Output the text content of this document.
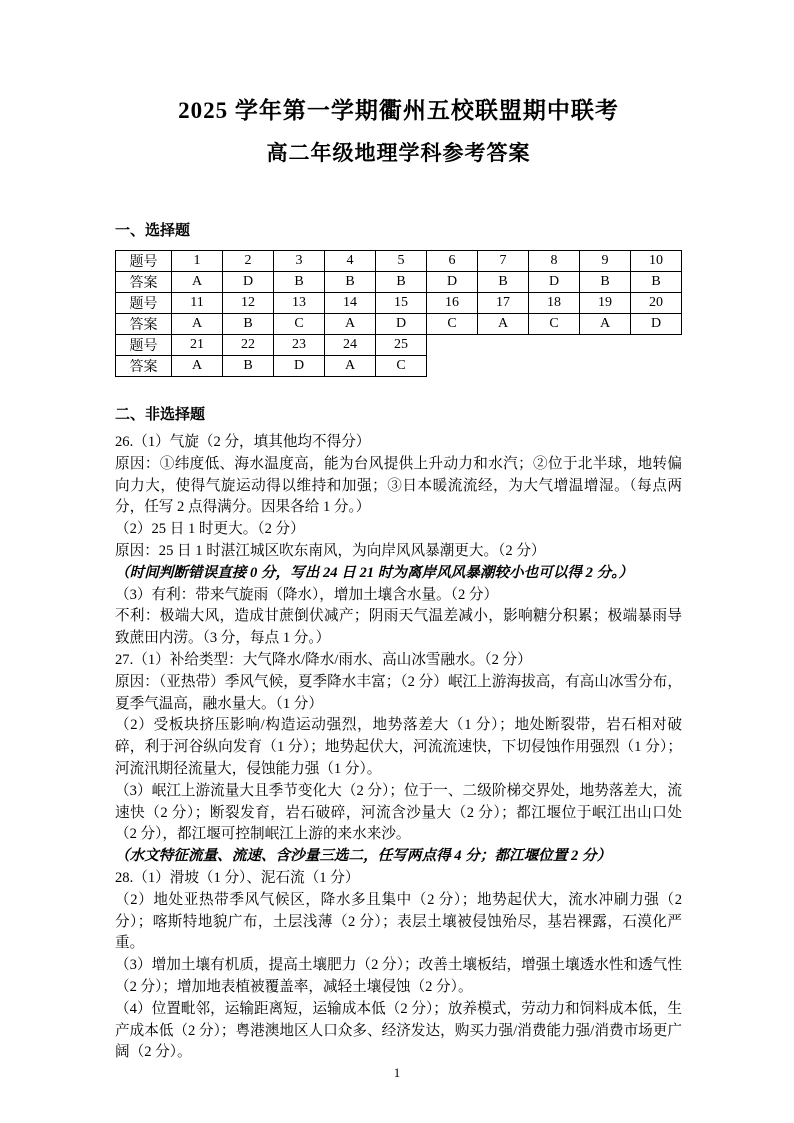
2025 学年第一学期衢州五校联盟期中联考
高二年级地理学科参考答案
一、选择题
题号	1	2	3	4	5	6	7	8	9	10
答案	A	D	B	B	B	D	B	D	B	B
题号	11	12	13	14	15	16	17	18	19	20
答案	A	B	C	A	D	C	A	C	A	D
题号	21	22	23	24	25
答案	A	B	D	A	C
二、非选择题

26.（1）气旋（2 分，填其他均不得分）

原因：①纬度低、海水温度高，能为台风提供上升动力和水汽；②位于北半球，地转偏向力大，使得气旋运动得以维持和加强；③日本暖流流经，为大气增温增湿。（每点两分，任写 2 点得满分。因果各给 1 分。）

（2）25 日 1 时更大。（2 分）

原因：25 日 1 时湛江城区吹东南风，为向岸风风暴潮更大。（2 分）

（时间判断错误直接 0 分，写出 24 日 21 时为离岸风风暴潮较小也可以得 2 分。）

（3）有利：带来气旋雨（降水），增加土壤含水量。（2 分）

不利：极端大风，造成甘蔗倒伏减产；阴雨天气温差减小，影响糖分积累；极端暴雨导致蔗田内涝。（3 分，每点 1 分。）

27.（1）补给类型：大气降水/降水/雨水、高山冰雪融水。（2 分）

原因：（亚热带）季风气候，夏季降水丰富；（2 分）岷江上游海拔高，有高山冰雪分布，夏季气温高，融水量大。（1 分）

（2）受板块挤压影响/构造运动强烈，地势落差大（1 分）；地处断裂带，岩石相对破碎，利于河谷纵向发育（1 分）；地势起伏大，河流流速快，下切侵蚀作用强烈（1 分）；河流汛期径流量大，侵蚀能力强（1 分）。

（3）岷江上游流量大且季节变化大（2 分）；位于一、二级阶梯交界处，地势落差大，流速快（2 分）；断裂发育，岩石破碎，河流含沙量大（2 分）；都江堰位于岷江出山口处（2 分），都江堰可控制岷江上游的来水来沙。

（水文特征流量、流速、含沙量三选二，任写两点得 4 分；都江堰位置 2 分）

28.（1）滑坡（1 分）、泥石流（1 分）

（2）地处亚热带季风气候区，降水多且集中（2 分）；地势起伏大，流水冲刷力强（2 分）；喀斯特地貌广布，土层浅薄（2 分）；表层土壤被侵蚀殆尽，基岩裸露，石漠化严重。

（3）增加土壤有机质，提高土壤肥力（2 分）；改善土壤板结，增强土壤透水性和透气性（2 分）；增加地表植被覆盖率，减轻土壤侵蚀（2 分）。

（4）位置毗邻，运输距离短，运输成本低（2 分）；放养模式，劳动力和饲料成本低，生产成本低（2 分）；粤港澳地区人口众多、经济发达，购买力强/消费能力强/消费市场更广阔（2 分）。

1
